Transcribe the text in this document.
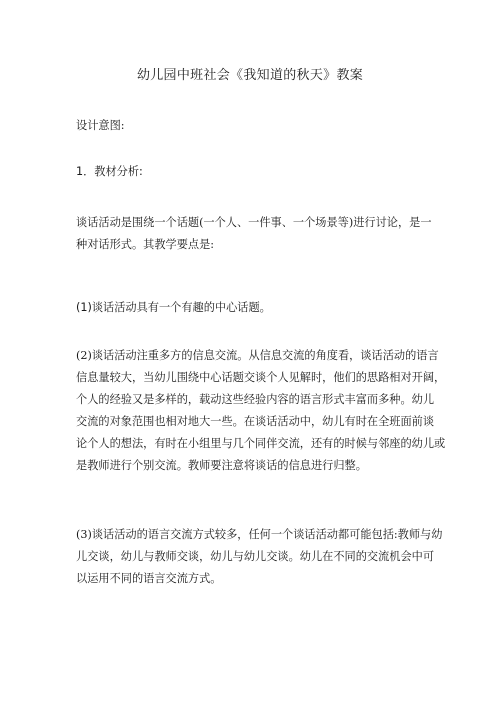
幼儿园中班社会《我知道的秋天》教案
设计意图:
1．教材分析:
谈话活动是围绕一个话题(一个人、一件事、一个场景等)进行讨论，是一
种对话形式。其教学要点是:
(1)谈话活动具有一个有趣的中心话题。
(2)谈话活动注重多方的信息交流。从信息交流的角度看，谈话活动的语言
信息量较大，当幼儿围绕中心话题交谈个人见解时，他们的思路相对开阔，
个人的经验又是多样的，载动这些经验内容的语言形式丰富而多种。幼儿
交流的对象范围也相对地大一些。在谈话活动中，幼儿有时在全班面前谈
论个人的想法，有时在小组里与几个同伴交流，还有的时候与邻座的幼儿或
是教师进行个别交流。教师要注意将谈话的信息进行归整。
(3)谈话活动的语言交流方式较多，任何一个谈话活动都可能包括:教师与幼
儿交谈，幼儿与教师交谈，幼儿与幼儿交谈。幼儿在不同的交流机会中可
以运用不同的语言交流方式。
